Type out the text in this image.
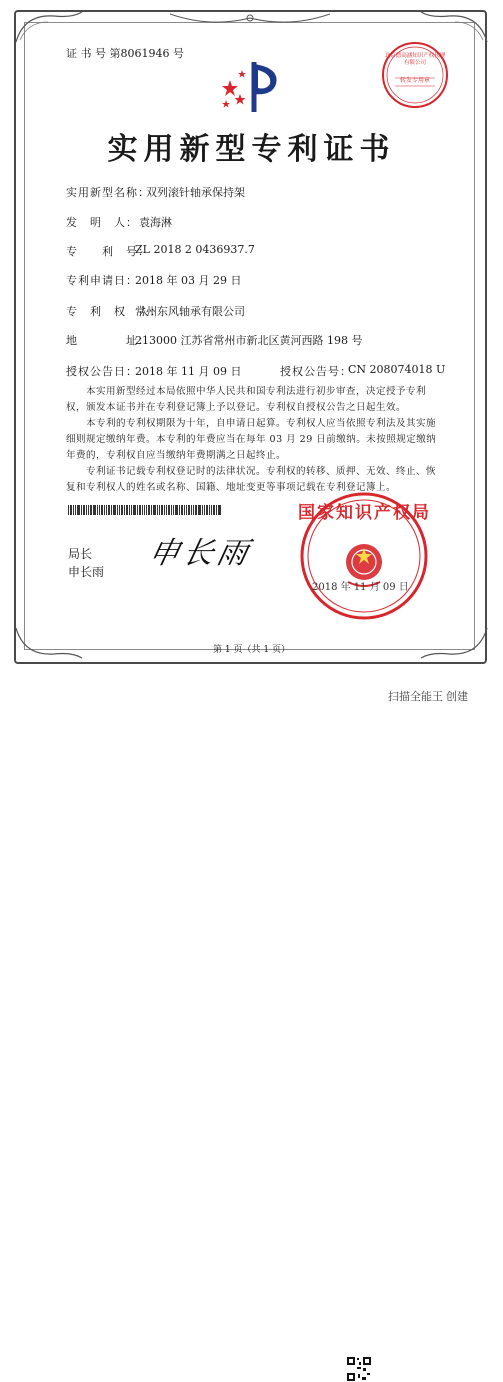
证 书 号 第8061946 号	北京德高涵知识产权代理有限公司
转发专用章
实用新型专利证书
实用新型名称：
双列滚针轴承保持架
发　明　人： 袁海淋
专　　利　号：
ZL 2018 2 0436937.7
专利申请日：
2018 年 03 月 29 日
专　利　权　人：
常州东风轴承有限公司
地　　　　址：
213000 江苏省常州市新北区黄河西路 198 号
授权公告日：
2018 年 11 月 09 日	授权公告号：
CN 208074018 U
本实用新型经过本局依照中华人民共和国专利法进行初步审查，决定授予专利权，颁发本证书并在专利登记簿上予以登记。专利权自授权公告之日起生效。
本专利的专利权期限为十年，自申请日起算。专利权人应当依照专利法及其实施细则规定缴纳年费。本专利的年费应当在每年 03 月 29 日前缴纳。未按照规定缴纳年费的，专利权自应当缴纳年费期满之日起终止。
专利证书记载专利权登记时的法律状况。专利权的转移、质押、无效、终止、恢复和专利权人的姓名或名称、国籍、地址变更等事项记载在专利登记簿上。
局长
申长雨
申长雨
国家知识产权局
2018 年 11 月 09 日
第 1 页（共 1 页）
扫描全能王 创建
